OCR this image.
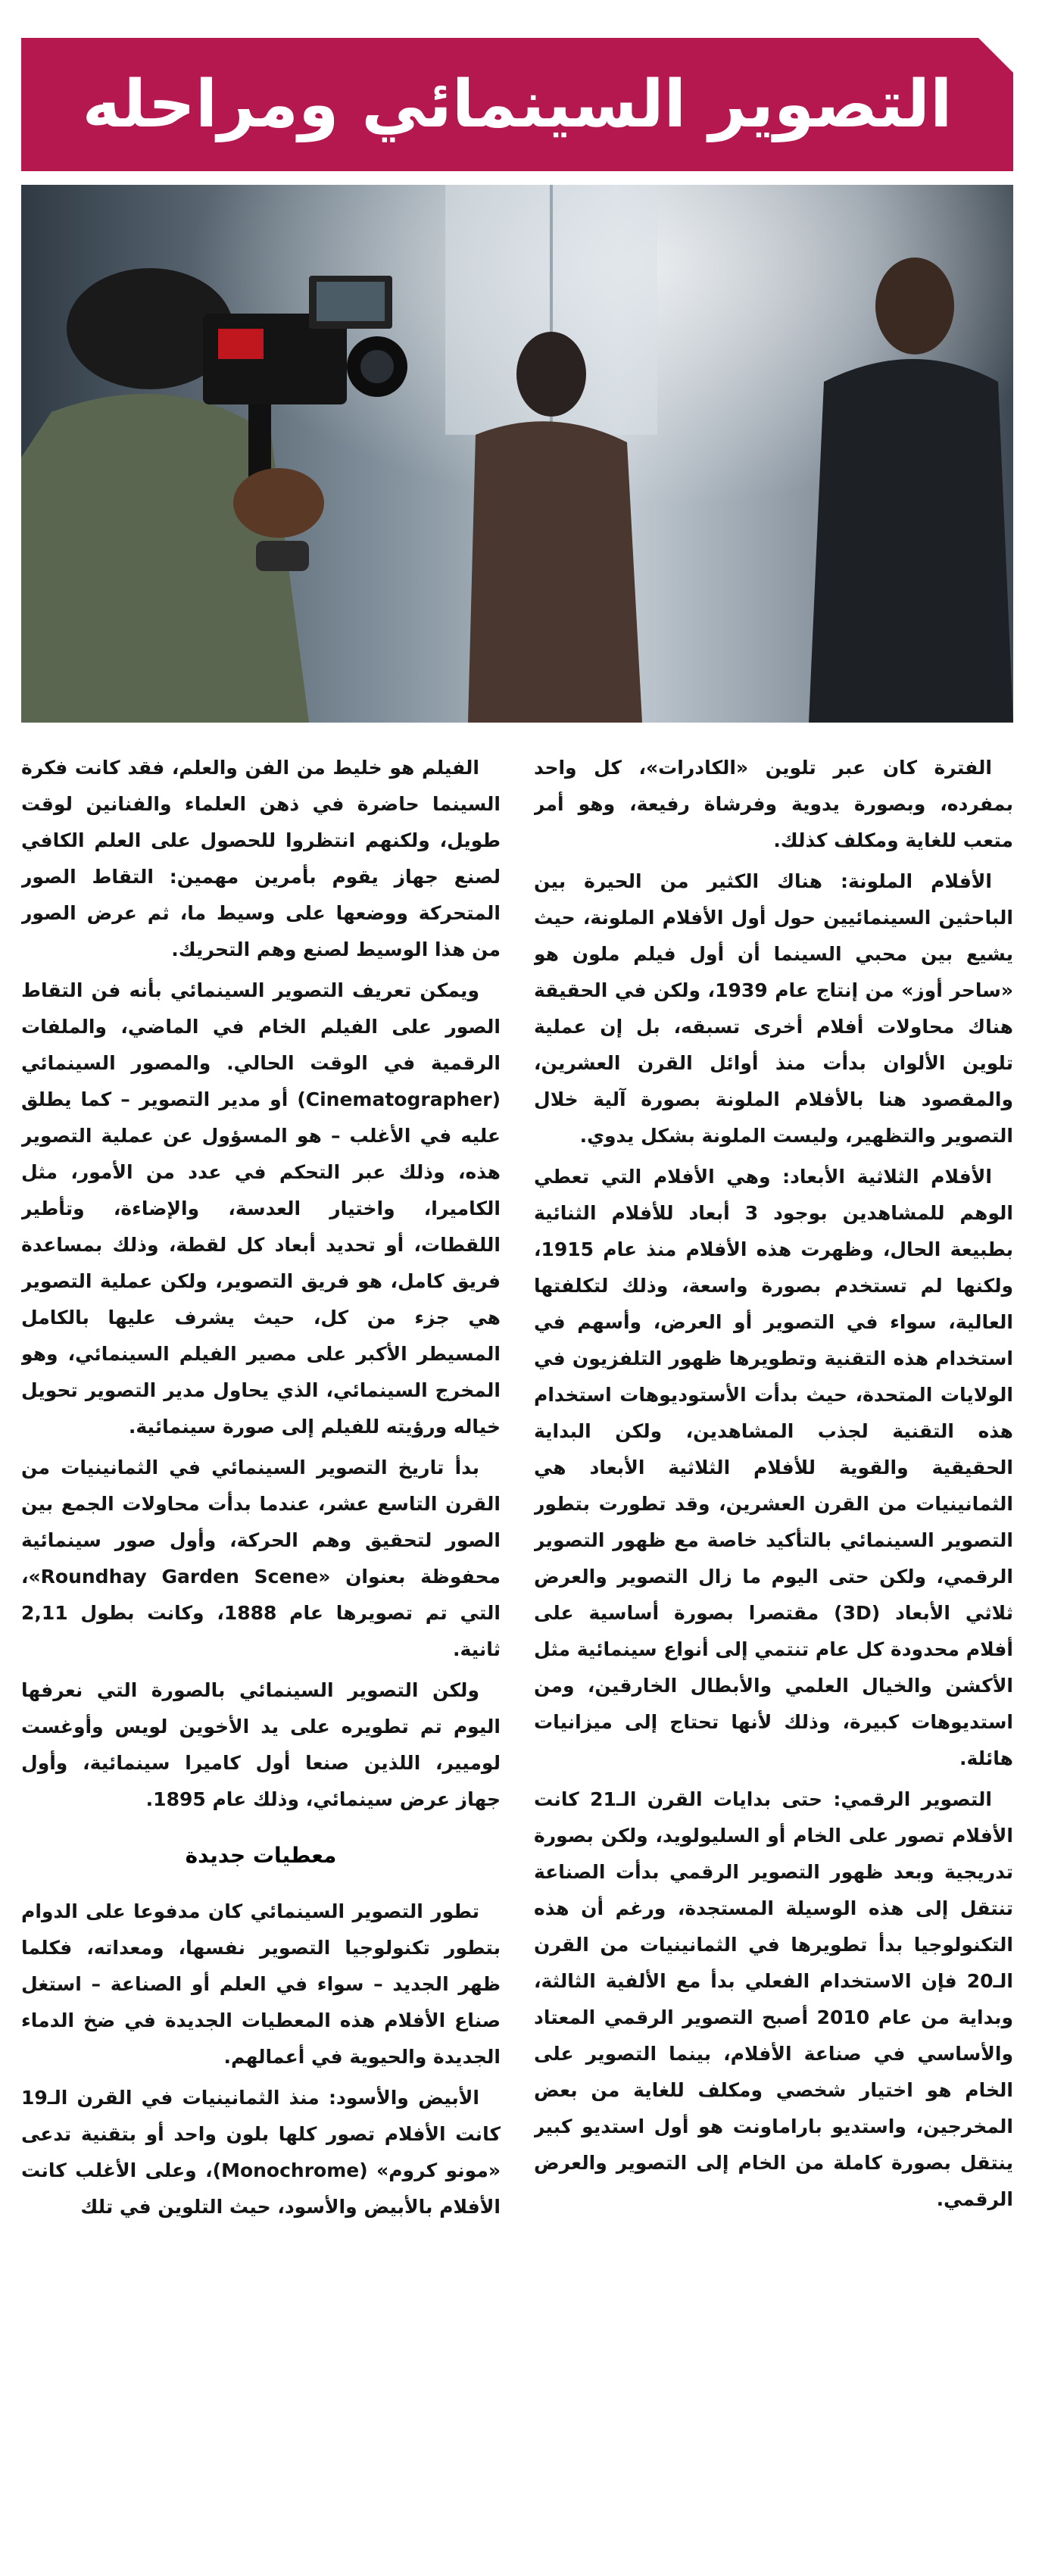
التصوير السينمائي ومراحله

الفيلم هو خليط من الفن والعلم، فقد كانت فكرة السينما حاضرة في ذهن العلماء والفنانين لوقت طويل، ولكنهم انتظروا للحصول على العلم الكافي لصنع جهاز يقوم بأمرين مهمين: التقاط الصور المتحركة ووضعها على وسيط ما، ثم عرض الصور من هذا الوسيط لصنع وهم التحريك.

ويمكن تعريف التصوير السينمائي بأنه فن التقاط الصور على الفيلم الخام في الماضي، والملفات الرقمية في الوقت الحالي. والمصور السينمائي (Cinematographer) أو مدير التصوير – كما يطلق عليه في الأغلب – هو المسؤول عن عملية التصوير هذه، وذلك عبر التحكم في عدد من الأمور، مثل الكاميرا، واختيار العدسة، والإضاءة، وتأطير اللقطات، أو تحديد أبعاد كل لقطة، وذلك بمساعدة فريق كامل، هو فريق التصوير، ولكن عملية التصوير هي جزء من كل، حيث يشرف عليها بالكامل المسيطر الأكبر على مصير الفيلم السينمائي، وهو المخرج السينمائي، الذي يحاول مدير التصوير تحويل خياله ورؤيته للفيلم إلى صورة سينمائية.

بدأ تاريخ التصوير السينمائي في الثمانينيات من القرن التاسع عشر، عندما بدأت محاولات الجمع بين الصور لتحقيق وهم الحركة، وأول صور سينمائية محفوظة بعنوان «Roundhay Garden Scene»، التي تم تصويرها عام 1888، وكانت بطول 2,11 ثانية.

ولكن التصوير السينمائي بالصورة التي نعرفها اليوم تم تطويره على يد الأخوين لويس وأوغست لوميير، اللذين صنعا أول كاميرا سينمائية، وأول جهاز عرض سينمائي، وذلك عام 1895.

معطيات جديدة

تطور التصوير السينمائي كان مدفوعا على الدوام بتطور تكنولوجيا التصوير نفسها، ومعداته، فكلما ظهر الجديد – سواء في العلم أو الصناعة – استغل صناع الأفلام هذه المعطيات الجديدة في ضخ الدماء الجديدة والحيوية في أعمالهم.

الأبيض والأسود: منذ الثمانينيات في القرن الـ19 كانت الأفلام تصور كلها بلون واحد أو بتقنية تدعى «مونو كروم» (Monochrome)، وعلى الأغلب كانت الأفلام بالأبيض والأسود، حيث التلوين في تلك

الفترة كان عبر تلوين «الكادرات»، كل واحد بمفرده، وبصورة يدوية وفرشاة رفيعة، وهو أمر متعب للغاية ومكلف كذلك.

الأفلام الملونة: هناك الكثير من الحيرة بين الباحثين السينمائيين حول أول الأفلام الملونة، حيث يشيع بين محبي السينما أن أول فيلم ملون هو «ساحر أوز» من إنتاج عام 1939، ولكن في الحقيقة هناك محاولات أفلام أخرى تسبقه، بل إن عملية تلوين الألوان بدأت منذ أوائل القرن العشرين، والمقصود هنا بالأفلام الملونة بصورة آلية خلال التصوير والتظهير، وليست الملونة بشكل يدوي.

الأفلام الثلاثية الأبعاد: وهي الأفلام التي تعطي الوهم للمشاهدين بوجود 3 أبعاد للأفلام الثنائية بطبيعة الحال، وظهرت هذه الأفلام منذ عام 1915، ولكنها لم تستخدم بصورة واسعة، وذلك لتكلفتها العالية، سواء في التصوير أو العرض، وأسهم في استخدام هذه التقنية وتطويرها ظهور التلفزيون في الولايات المتحدة، حيث بدأت الأستوديوهات استخدام هذه التقنية لجذب المشاهدين، ولكن البداية الحقيقية والقوية للأفلام الثلاثية الأبعاد هي الثمانينيات من القرن العشرين، وقد تطورت بتطور التصوير السينمائي بالتأكيد خاصة مع ظهور التصوير الرقمي، ولكن حتى اليوم ما زال التصوير والعرض ثلاثي الأبعاد (3D) مقتصرا بصورة أساسية على أفلام محدودة كل عام تنتمي إلى أنواع سينمائية مثل الأكشن والخيال العلمي والأبطال الخارقين، ومن استديوهات كبيرة، وذلك لأنها تحتاج إلى ميزانيات هائلة.

التصوير الرقمي: حتى بدايات القرن الـ21 كانت الأفلام تصور على الخام أو السليولويد، ولكن بصورة تدريجية وبعد ظهور التصوير الرقمي بدأت الصناعة تنتقل إلى هذه الوسيلة المستجدة، ورغم أن هذه التكنولوجيا بدأ تطويرها في الثمانينيات من القرن الـ20 فإن الاستخدام الفعلي بدأ مع الألفية الثالثة، وبداية من عام 2010 أصبح التصوير الرقمي المعتاد والأساسي في صناعة الأفلام، بينما التصوير على الخام هو اختيار شخصي ومكلف للغاية من بعض المخرجين، واستديو باراماونت هو أول استديو كبير ينتقل بصورة كاملة من الخام إلى التصوير والعرض الرقمي.
